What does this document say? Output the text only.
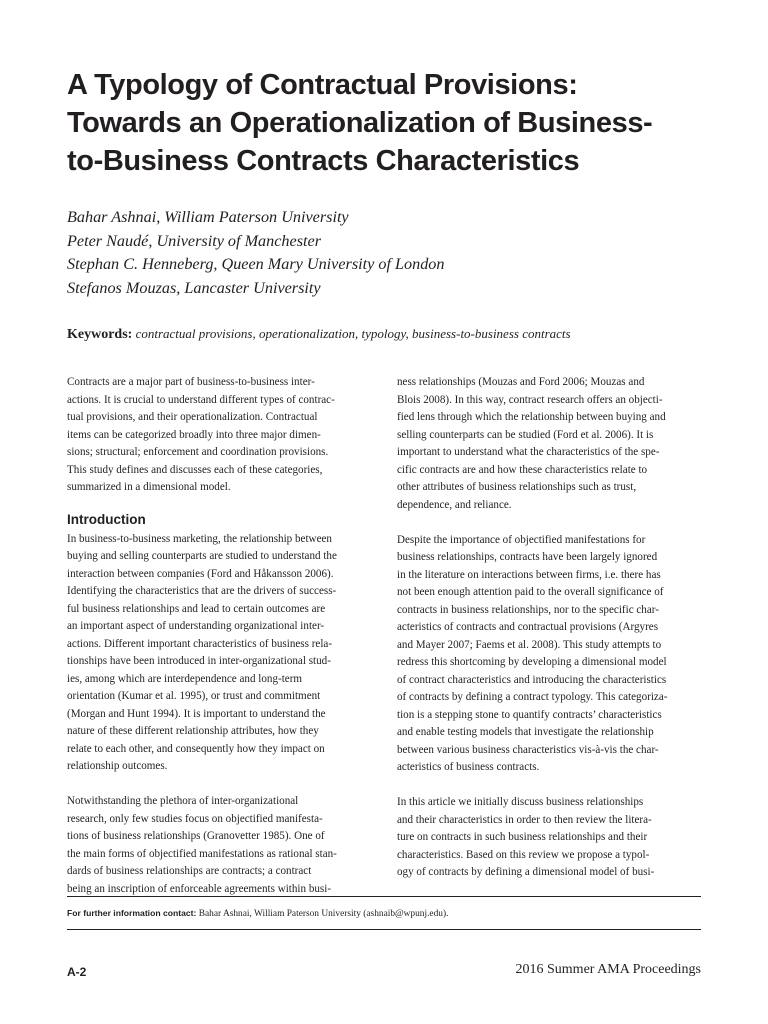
A Typology of Contractual Provisions:
Towards an Operationalization of Business-
to-Business Contracts Characteristics
Bahar Ashnai, William Paterson University
Peter Naudé, University of Manchester
Stephan C. Henneberg, Queen Mary University of London
Stefanos Mouzas, Lancaster University
Keywords: contractual provisions, operationalization, typology, business-to-business contracts
Contracts are a major part of business-to-business inter-
actions. It is crucial to understand different types of contrac-
tual provisions, and their operationalization. Contractual
items can be categorized broadly into three major dimen-
sions; structural; enforcement and coordination provisions.
This study defines and discusses each of these categories,
summarized in a dimensional model.
Introduction
In business-to-business marketing, the relationship between
buying and selling counterparts are studied to understand the
interaction between companies (Ford and Håkansson 2006).
Identifying the characteristics that are the drivers of success-
ful business relationships and lead to certain outcomes are
an important aspect of understanding organizational inter-
actions. Different important characteristics of business rela-
tionships have been introduced in inter-organizational stud-
ies, among which are interdependence and long-term
orientation (Kumar et al. 1995), or trust and commitment
(Morgan and Hunt 1994). It is important to understand the
nature of these different relationship attributes, how they
relate to each other, and consequently how they impact on
relationship outcomes.
Notwithstanding the plethora of inter-organizational
research, only few studies focus on objectified manifesta-
tions of business relationships (Granovetter 1985). One of
the main forms of objectified manifestations as rational stan-
dards of business relationships are contracts; a contract
being an inscription of enforceable agreements within busi-
ness relationships (Mouzas and Ford 2006; Mouzas and
Blois 2008). In this way, contract research offers an objecti-
fied lens through which the relationship between buying and
selling counterparts can be studied (Ford et al. 2006). It is
important to understand what the characteristics of the spe-
cific contracts are and how these characteristics relate to
other attributes of business relationships such as trust,
dependence, and reliance.
Despite the importance of objectified manifestations for
business relationships, contracts have been largely ignored
in the literature on interactions between firms, i.e. there has
not been enough attention paid to the overall significance of
contracts in business relationships, nor to the specific char-
acteristics of contracts and contractual provisions (Argyres
and Mayer 2007; Faems et al. 2008). This study attempts to
redress this shortcoming by developing a dimensional model
of contract characteristics and introducing the characteristics
of contracts by defining a contract typology. This categoriza-
tion is a stepping stone to quantify contracts’ characteristics
and enable testing models that investigate the relationship
between various business characteristics vis-à-vis the char-
acteristics of business contracts.
In this article we initially discuss business relationships
and their characteristics in order to then review the litera-
ture on contracts in such business relationships and their
characteristics. Based on this review we propose a typol-
ogy of contracts by defining a dimensional model of busi-
For further information contact: Bahar Ashnai, William Paterson University (ashnaib@wpunj.edu).
A-2	2016 Summer AMA Proceedings
